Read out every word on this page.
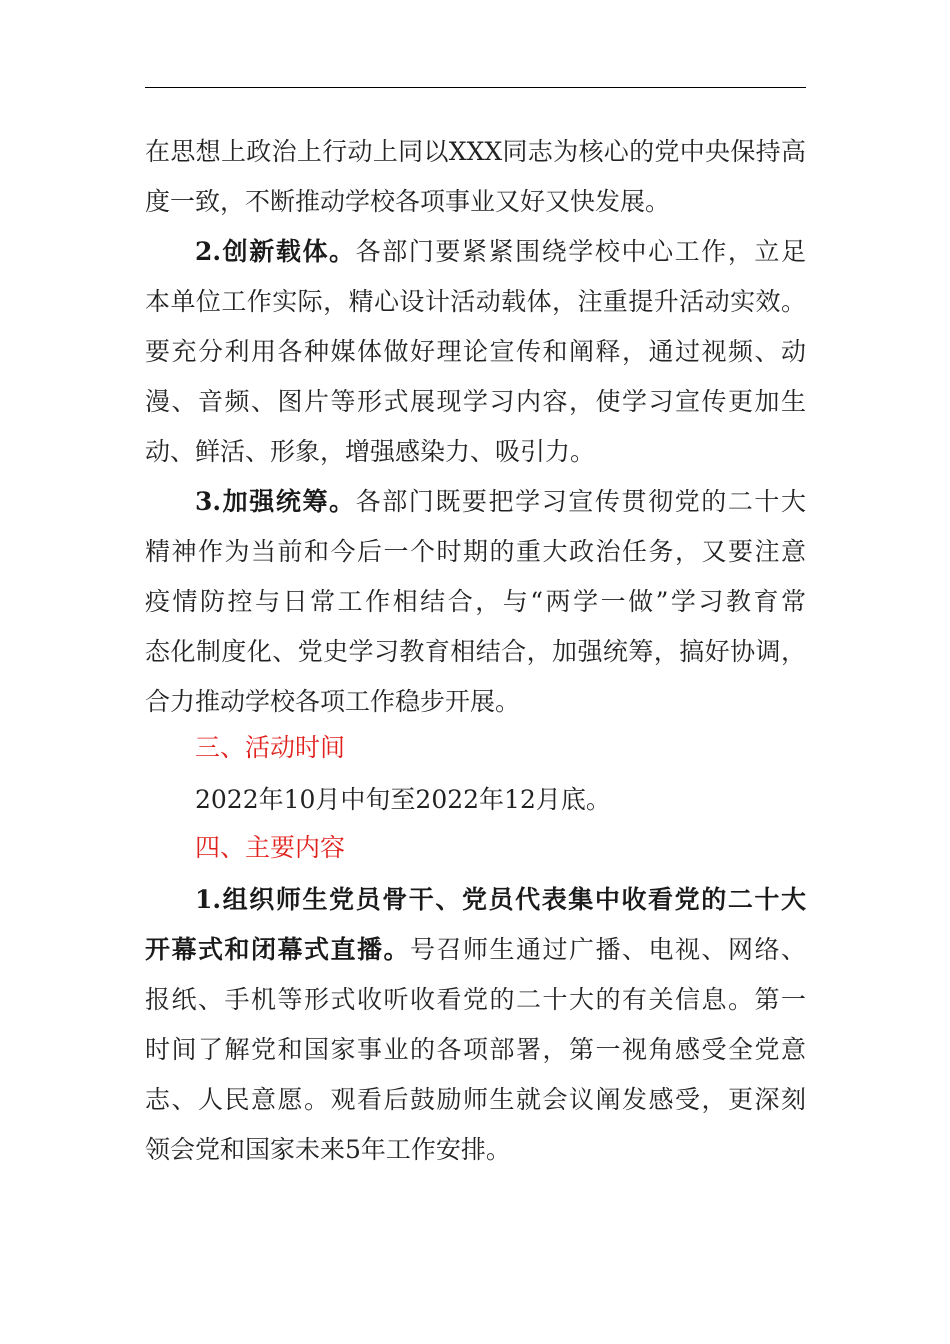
在思想上政治上行动上同以XXX同志为核心的党中央保持高
度一致，不断推动学校各项事业又好又快发展。
2.创新载体。各部门要紧紧围绕学校中心工作，立足
本单位工作实际，精心设计活动载体，注重提升活动实效。
要充分利用各种媒体做好理论宣传和阐释，通过视频、动
漫、音频、图片等形式展现学习内容，使学习宣传更加生
动、鲜活、形象，增强感染力、吸引力。
3.加强统筹。各部门既要把学习宣传贯彻党的二十大
精神作为当前和今后一个时期的重大政治任务，又要注意
疫情防控与日常工作相结合，与“两学一做”学习教育常
态化制度化、党史学习教育相结合，加强统筹，搞好协调，
合力推动学校各项工作稳步开展。
三、活动时间
2022年10月中旬至2022年12月底。
四、主要内容
1.组织师生党员骨干、党员代表集中收看党的二十大
开幕式和闭幕式直播。号召师生通过广播、电视、网络、
报纸、手机等形式收听收看党的二十大的有关信息。第一
时间了解党和国家事业的各项部署，第一视角感受全党意
志、人民意愿。观看后鼓励师生就会议阐发感受，更深刻
领会党和国家未来5年工作安排。
